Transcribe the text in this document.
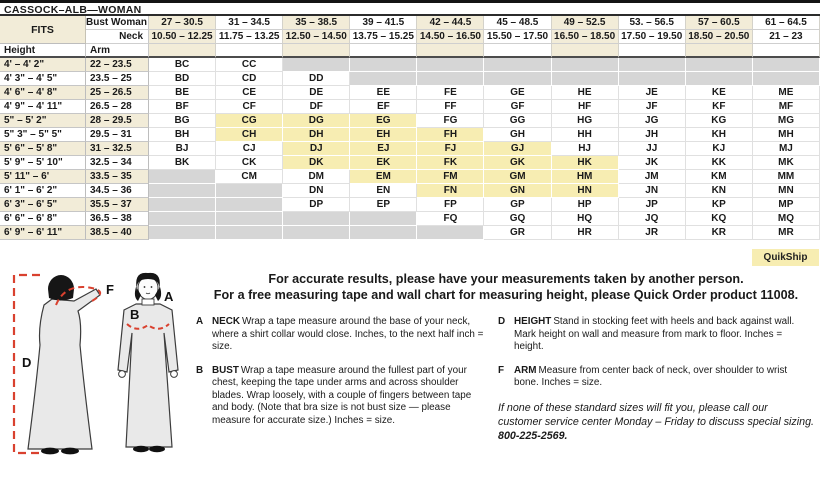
CASSOCK–ALB—WOMAN
FITS	Bust Woman	27 – 30.5	31 – 34.5	35 – 38.5	39 – 41.5	42 – 44.5	45 – 48.5	49 – 52.5	53. – 56.5	57 – 60.5	61 – 64.5
	Neck	10.50 – 12.25	11.75 – 13.25	12.50 – 14.50	13.75 – 15.25	14.50 – 16.50	15.50 – 17.50	16.50 – 18.50	17.50 – 19.50	18.50 – 20.50	21 – 23
Height	Arm										
4' – 4' 2"	22 – 23.5	BC	CC								
4' 3" – 4' 5"	23.5 – 25	BD	CD	DD							
4' 6" – 4' 8"	25 – 26.5	BE	CE	DE	EE	FE	GE	HE	JE	KE	ME
4' 9" – 4' 11"	26.5 – 28	BF	CF	DF	EF	FF	GF	HF	JF	KF	MF
5" – 5' 2"	28 – 29.5	BG	CG	DG	EG	FG	GG	HG	JG	KG	MG
5" 3" – 5" 5"	29.5 – 31	BH	CH	DH	EH	FH	GH	HH	JH	KH	MH
5' 6" – 5' 8"	31 – 32.5	BJ	CJ	DJ	EJ	FJ	GJ	HJ	JJ	KJ	MJ
5' 9" – 5' 10"	32.5 – 34	BK	CK	DK	EK	FK	GK	HK	JK	KK	MK
5' 11" – 6'	33.5 – 35		CM	DM	EM	FM	GM	HM	JM	KM	MM
6' 1" – 6' 2"	34.5 – 36			DN	EN	FN	GN	HN	JN	KN	MN
6' 3" – 6' 5"	35.5 – 37			DP	EP	FP	GP	HP	JP	KP	MP
6' 6" – 6' 8"	36.5 – 38					FQ	GQ	HQ	JQ	KQ	MQ
6' 9" – 6' 11"	38.5 – 40						GR	HR	JR	KR	MR
QuikShip
D
F	A
B
For accurate results, please have your measurements taken by another person.
For a free measuring tape and wall chart for measuring height, please Quick Order product 11008.
A NECK Wrap a tape measure around the base of your neck, where a shirt collar would close. Inches, to the next half inch = size.
B BUST Wrap a tape measure around the fullest part of your chest, keeping the tape under arms and across shoulder blades. Wrap loosely, with a couple of fingers between tape and body. (Note that bra size is not bust size — please measure for accurate size.) Inches = size.
D HEIGHT Stand in stocking feet with heels and back against wall. Mark height on wall and measure from mark to floor. Inches = height.
F	ARM Measure from center back of neck, over shoulder to wrist bone. Inches = size.
If none of these standard sizes will fit you, please call our customer service center Monday – Friday to discuss special sizing. 800-225-2569.
